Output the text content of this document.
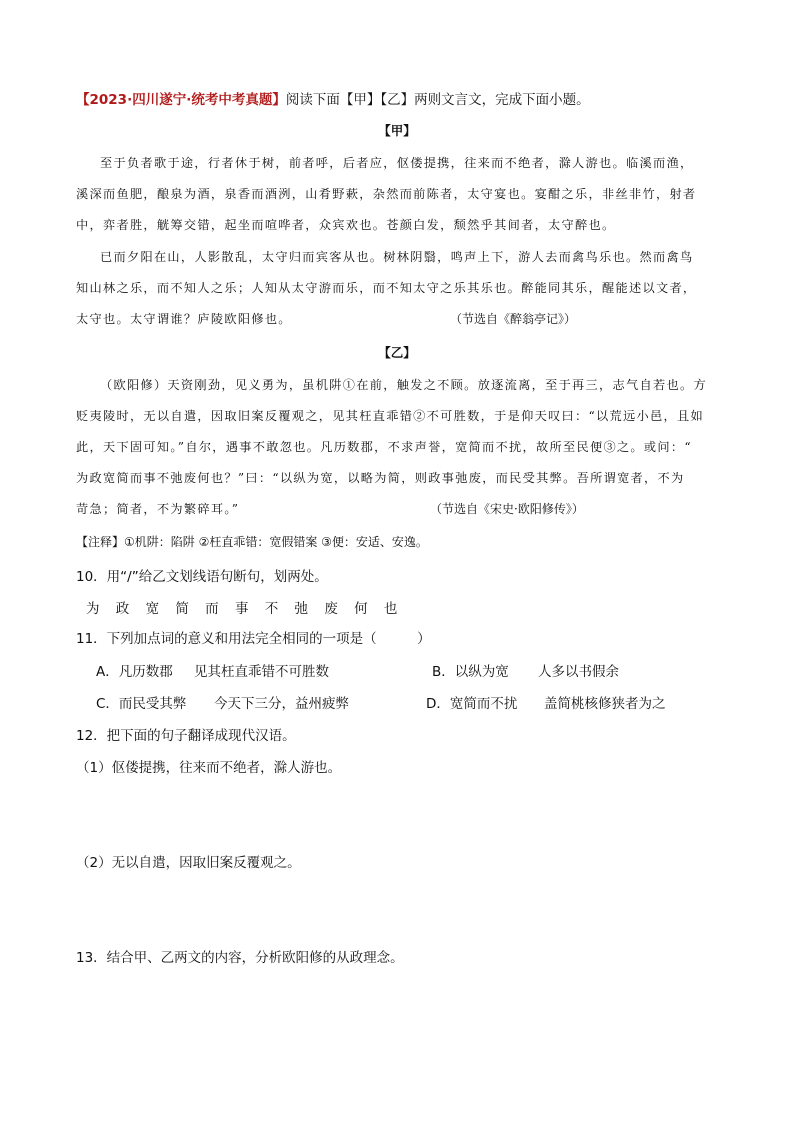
【2023·四川遂宁·统考中考真题】阅读下面【甲】【乙】两则文言文，完成下面小题。
【甲】
至于负者歌于途，行者休于树，前者呼，后者应，伛偻提携，往来而不绝者，滁人游也。临溪而渔，
溪深而鱼肥，酿泉为酒，泉香而酒洌，山肴野蔌，杂然而前陈者，太守宴也。宴酣之乐，非丝非竹，射者
中，弈者胜，觥筹交错，起坐而喧哗者，众宾欢也。苍颜白发，颓然乎其间者，太守醉也。
已而夕阳在山，人影散乱，太守归而宾客从也。树林阴翳，鸣声上下，游人去而禽鸟乐也。然而禽鸟
知山林之乐，而不知人之乐；人知从太守游而乐，而不知太守之乐其乐也。醉能同其乐，醒能述以文者，
太守也。太守谓谁？庐陵欧阳修也。	（节选自《醉翁亭记》）
【乙】
（欧阳修）天资刚劲，见义勇为，虽机阱①在前，触发之不顾。放逐流离，至于再三，志气自若也。方
贬夷陵时，无以自遣，因取旧案反覆观之，见其枉直乖错②不可胜数，于是仰天叹曰：“以荒远小邑，且如
此，天下固可知。”自尔，遇事不敢忽也。凡历数郡，不求声誉，宽简而不扰，故所至民便③之。或问：“
为政宽简而事不弛废何也？”曰：“以纵为宽，以略为简，则政事弛废，而民受其弊。吾所谓宽者，不为
苛急；简者，不为繁碎耳。”	（节选自《宋史·欧阳修传》）
【注释】①机阱：陷阱 ②枉直乖错：宽假错案 ③便：安适、安逸。
10．用“/”给乙文划线语句断句，划两处。
为 政 宽 简 而 事 不 弛 废 何 也
11．下列加点词的意义和用法完全相同的一项是（　　　）
A．凡历数郡 见其枉直乖错不可胜数	B．以纵为宽 人多以书假余
C．而民受其弊 今天下三分，益州疲弊	D．宽简而不扰 盖简桃核修狭者为之
12．把下面的句子翻译成现代汉语。
（1）伛偻提携，往来而不绝者，滁人游也。
（2）无以自遣，因取旧案反覆观之。
13．结合甲、乙两文的内容，分析欧阳修的从政理念。
